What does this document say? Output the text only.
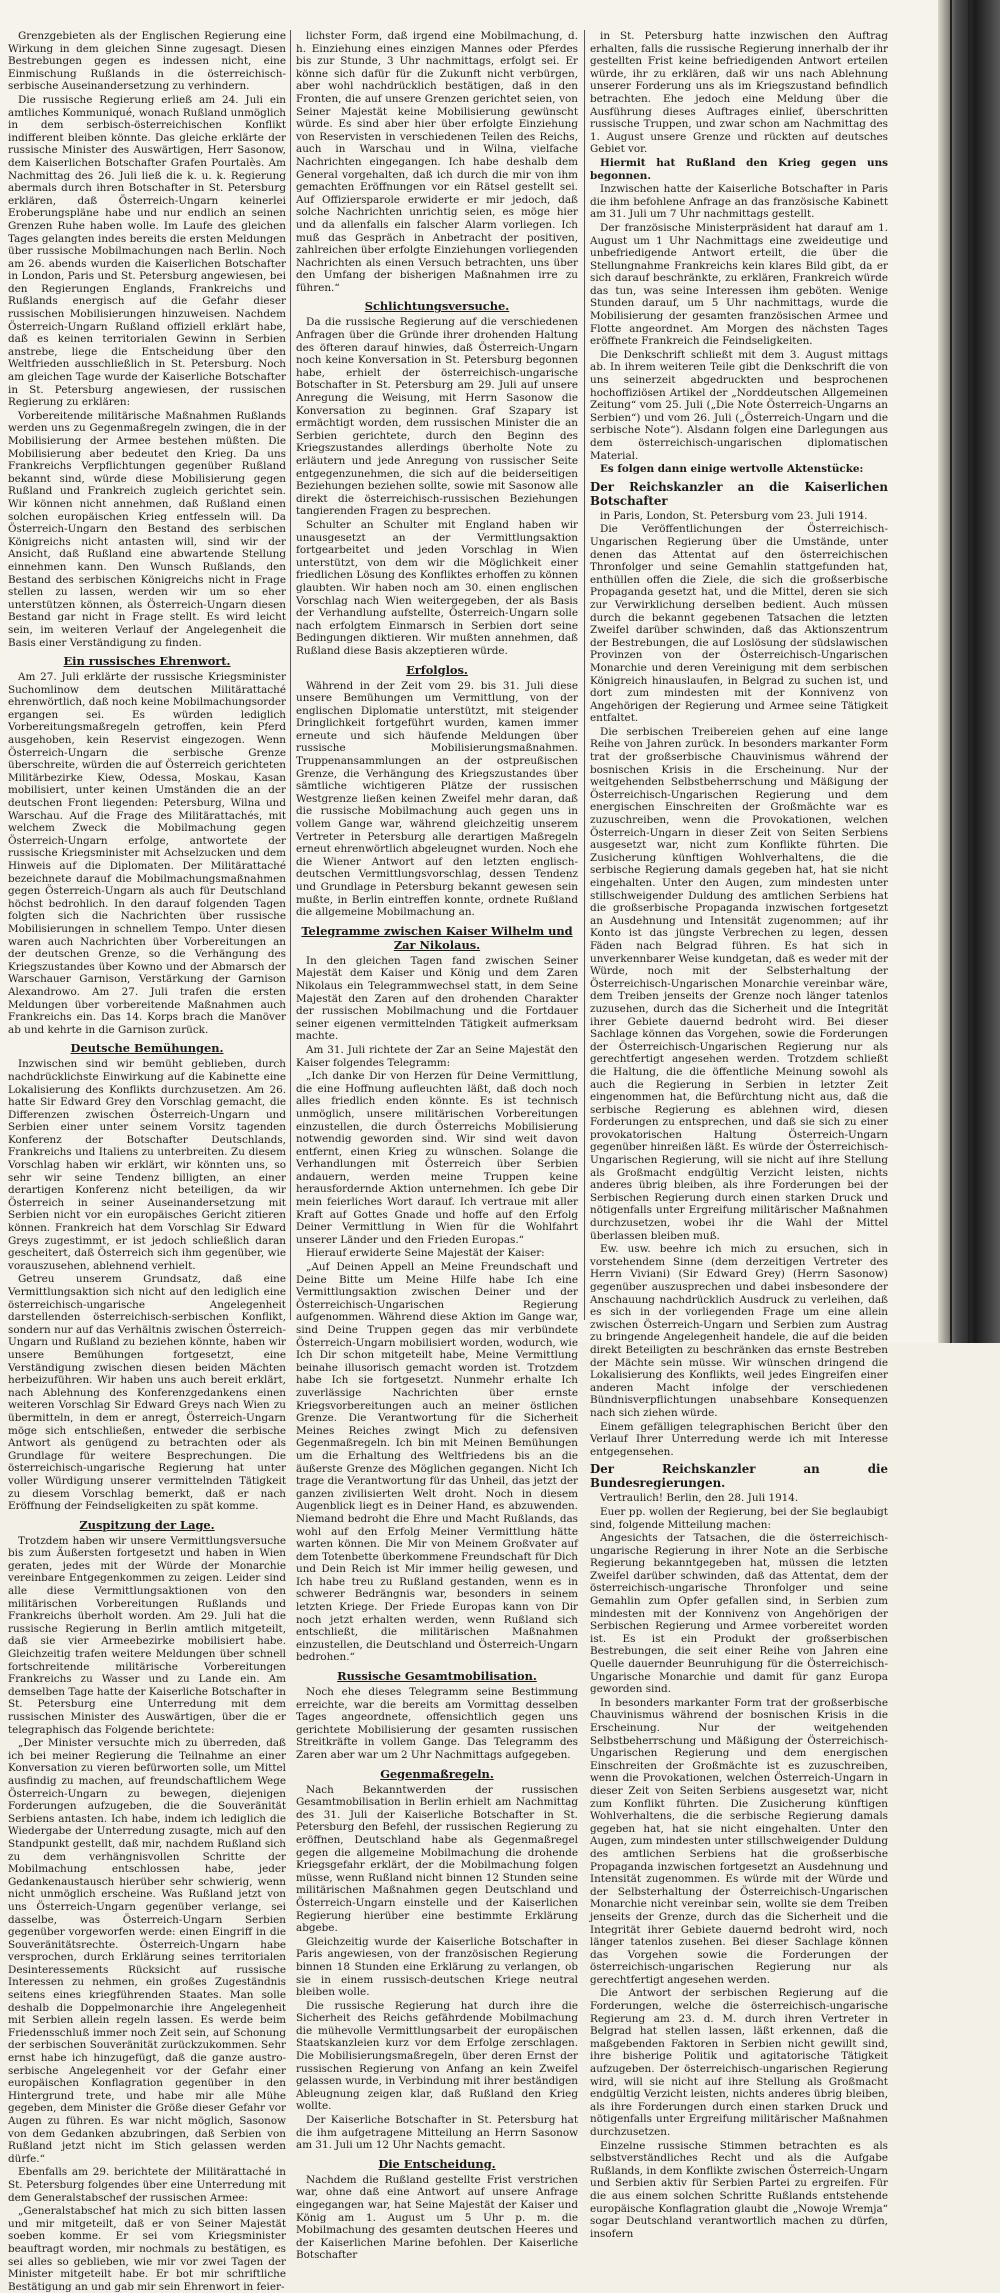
Grenzgebieten als der Englischen Regierung eine Wirkung in dem gleichen Sinne zugesagt. Diesen Bestrebungen gegen es indessen nicht, eine Einmischung Rußlands in die österreichisch-serbische Auseinandersetzung zu verhindern.

Die russische Regierung erließ am 24. Juli ein amtliches Kommuniqué, wonach Rußland unmöglich in dem serbisch-österreichischen Konflikt indifferent bleiben könnte. Das gleiche erklärte der russische Minister des Auswärtigen, Herr Sasonow, dem Kaiserlichen Botschafter Grafen Pourtalès. Am Nachmittag des 26. Juli ließ die k. u. k. Regierung abermals durch ihren Botschafter in St. Petersburg erklären, daß Österreich-Ungarn keinerlei Eroberungspläne habe und nur endlich an seinen Grenzen Ruhe haben wolle. Im Laufe des gleichen Tages gelangten indes bereits die ersten Meldungen über russische Mobilmachungen nach Berlin. Noch am 26. abends wurden die Kaiserlichen Botschafter in London, Paris und St. Petersburg angewiesen, bei den Regierungen Englands, Frankreichs und Rußlands energisch auf die Gefahr dieser russischen Mobilisierungen hinzuweisen. Nachdem Österreich-Ungarn Rußland offiziell erklärt habe, daß es keinen territorialen Gewinn in Serbien anstrebe, liege die Entscheidung über den Weltfrieden ausschließlich in St. Petersburg. Noch am gleichen Tage wurde der Kaiserliche Botschafter in St. Petersburg angewiesen, der russischen Regierung zu erklären:

Vorbereitende militärische Maßnahmen Rußlands werden uns zu Gegenmaßregeln zwingen, die in der Mobilisierung der Armee bestehen müßten. Die Mobilisierung aber bedeutet den Krieg. Da uns Frankreichs Verpflichtungen gegenüber Rußland bekannt sind, würde diese Mobilisierung gegen Rußland und Frankreich zugleich gerichtet sein. Wir können nicht annehmen, daß Rußland einen solchen europäischen Krieg entfesseln will. Da Österreich-Ungarn den Bestand des serbischen Königreichs nicht antasten will, sind wir der Ansicht, daß Rußland eine abwartende Stellung einnehmen kann. Den Wunsch Rußlands, den Bestand des serbischen Königreichs nicht in Frage stellen zu lassen, werden wir um so eher unterstützen können, als Österreich-Ungarn diesen Bestand gar nicht in Frage stellt. Es wird leicht sein, im weiteren Verlauf der Angelegenheit die Basis einer Verständigung zu finden.

Ein russisches Ehrenwort.

Am 27. Juli erklärte der russische Kriegsminister Suchomlinow dem deutschen Militärattaché ehrenwörtlich, daß noch keine Mobilmachungsorder ergangen sei. Es würden lediglich Vorbereitungsmaßregeln getroffen, kein Pferd ausgehoben, kein Reservist eingezogen. Wenn Österreich-Ungarn die serbische Grenze überschreite, würden die auf Österreich gerichteten Militärbezirke Kiew, Odessa, Moskau, Kasan mobilisiert, unter keinen Umständen die an der deutschen Front liegenden: Petersburg, Wilna und Warschau. Auf die Frage des Militärattachés, mit welchem Zweck die Mobilmachung gegen Österreich-Ungarn erfolge, antwortete der russische Kriegsminister mit Achselzucken und dem Hinweis auf die Diplomaten. Der Militärattaché bezeichnete darauf die Mobilmachungsmaßnahmen gegen Österreich-Ungarn als auch für Deutschland höchst bedrohlich. In den darauf folgenden Tagen folgten sich die Nachrichten über russische Mobilisierungen in schnellem Tempo. Unter diesen waren auch Nachrichten über Vorbereitungen an der deutschen Grenze, so die Verhängung des Kriegszustandes über Kowno und der Abmarsch der Warschauer Garnison, Verstärkung der Garnison Alexandrowo. Am 27. Juli trafen die ersten Meldungen über vorbereitende Maßnahmen auch Frankreichs ein. Das 14. Korps brach die Manöver ab und kehrte in die Garnison zurück.

Deutsche Bemühungen.

Inzwischen sind wir bemüht geblieben, durch nachdrücklichste Einwirkung auf die Kabinette eine Lokalisierung des Konflikts durchzusetzen. Am 26. hatte Sir Edward Grey den Vorschlag gemacht, die Differenzen zwischen Österreich-Ungarn und Serbien einer unter seinem Vorsitz tagenden Konferenz der Botschafter Deutschlands, Frankreichs und Italiens zu unterbreiten. Zu diesem Vorschlag haben wir erklärt, wir könnten uns, so sehr wir seine Tendenz billigten, an einer derartigen Konferenz nicht beteiligen, da wir Österreich in seiner Auseinandersetzung mit Serbien nicht vor ein europäisches Gericht zitieren können. Frankreich hat dem Vorschlag Sir Edward Greys zugestimmt, er ist jedoch schließlich daran gescheitert, daß Österreich sich ihm gegenüber, wie vorauszusehen, ablehnend verhielt.

Getreu unserem Grundsatz, daß eine Vermittlungsaktion sich nicht auf den lediglich eine österreichisch-ungarische Angelegenheit darstellenden österreichisch-serbischen Konflikt, sondern nur auf das Verhältnis zwischen Österreich-Ungarn und Rußland zu beziehen könnte, haben wir unsere Bemühungen fortgesetzt, eine Verständigung zwischen diesen beiden Mächten herbeizuführen. Wir haben uns auch bereit erklärt, nach Ablehnung des Konferenzgedankens einen weiteren Vorschlag Sir Edward Greys nach Wien zu übermitteln, in dem er anregt, Österreich-Ungarn möge sich entschließen, entweder die serbische Antwort als genügend zu betrachten oder als Grundlage für weitere Besprechungen. Die österreichisch-ungarische Regierung hat unter voller Würdigung unserer vermittelnden Tätigkeit zu diesem Vorschlag bemerkt, daß er nach Eröffnung der Feindseligkeiten zu spät komme.

Zuspitzung der Lage.

Trotzdem haben wir unsere Vermittlungsversuche bis zum Äußersten fortgesetzt und haben in Wien geraten, jedes mit der Würde der Monarchie vereinbare Entgegenkommen zu zeigen. Leider sind alle diese Vermittlungsaktionen von den militärischen Vorbereitungen Rußlands und Frankreichs überholt worden. Am 29. Juli hat die russische Regierung in Berlin amtlich mitgeteilt, daß sie vier Armeebezirke mobilisiert habe. Gleichzeitig trafen weitere Meldungen über schnell fortschreitende militärische Vorbereitungen Frankreichs zu Wasser und zu Lande ein. Am demselben Tage hatte der Kaiserliche Botschafter in St. Petersburg eine Unterredung mit dem russischen Minister des Auswärtigen, über die er telegraphisch das Folgende berichtete:

„Der Minister versuchte mich zu überreden, daß ich bei meiner Regierung die Teilnahme an einer Konversation zu vieren befürworten solle, um Mittel ausfindig zu machen, auf freundschaftlichem Wege Österreich-Ungarn zu bewegen, diejenigen Forderungen aufzugeben, die die Souveränität Serbiens antasten. Ich habe, indem ich lediglich die Wiedergabe der Unterredung zusagte, mich auf den Standpunkt gestellt, daß mir, nachdem Rußland sich zu dem verhängnisvollen Schritte der Mobilmachung entschlossen habe, jeder Gedankenaustausch hierüber sehr schwierig, wenn nicht unmöglich erscheine. Was Rußland jetzt von uns Österreich-Ungarn gegenüber verlange, sei dasselbe, was Österreich-Ungarn Serbien gegenüber vorgeworfen werde: einen Eingriff in die Souveränitätsrechte. Österreich-Ungarn habe versprochen, durch Erklärung seines territorialen Desinteressements Rücksicht auf russische Interessen zu nehmen, ein großes Zugeständnis seitens eines kriegführenden Staates. Man solle deshalb die Doppelmonarchie ihre Angelegenheit mit Serbien allein regeln lassen. Es werde beim Friedensschluß immer noch Zeit sein, auf Schonung der serbischen Souveränität zurückzukommen. Sehr ernst habe ich hinzugefügt, daß die ganze austro-serbische Angelegenheit vor der Gefahr einer europäischen Konflagration gegenüber in den Hintergrund trete, und habe mir alle Mühe gegeben, dem Minister die Größe dieser Gefahr vor Augen zu führen. Es war nicht möglich, Sasonow von dem Gedanken abzubringen, daß Serbien von Rußland jetzt nicht im Stich gelassen werden dürfe.“

Ebenfalls am 29. berichtete der Militärattaché in St. Petersburg folgendes über eine Unterredung mit dem Generalstabschef der russischen Armee:

„Generalstabschef hat mich zu sich bitten lassen und mir mitgeteilt, daß er von Seiner Majestät soeben komme. Er sei vom Kriegsminister beauftragt worden, mir nochmals zu bestätigen, es sei alles so geblieben, wie mir vor zwei Tagen der Minister mitgeteilt habe. Er bot mir schriftliche Bestätigung an und gab mir sein Ehrenwort in feier-

lichster Form, daß irgend eine Mobilmachung, d. h. Einziehung eines einzigen Mannes oder Pferdes bis zur Stunde, 3 Uhr nachmittags, erfolgt sei. Er könne sich dafür für die Zukunft nicht verbürgen, aber wohl nachdrücklich bestätigen, daß in den Fronten, die auf unsere Grenzen gerichtet seien, von Seiner Majestät keine Mobilisierung gewünscht würde. Es sind aber hier über erfolgte Einziehung von Reservisten in verschiedenen Teilen des Reichs, auch in Warschau und in Wilna, vielfache Nachrichten eingegangen. Ich habe deshalb dem General vorgehalten, daß ich durch die mir von ihm gemachten Eröffnungen vor ein Rätsel gestellt sei. Auf Offiziersparole erwiderte er mir jedoch, daß solche Nachrichten unrichtig seien, es möge hier und da allenfalls ein falscher Alarm vorliegen. Ich muß das Gespräch in Anbetracht der positiven, zahlreichen über erfolgte Einziehungen vorliegenden Nachrichten als einen Versuch betrachten, uns über den Umfang der bisherigen Maßnahmen irre zu führen.“

Schlichtungsversuche.

Da die russische Regierung auf die verschiedenen Anfragen über die Gründe ihrer drohenden Haltung des öfteren darauf hinwies, daß Österreich-Ungarn noch keine Konversation in St. Petersburg begonnen habe, erhielt der österreichisch-ungarische Botschafter in St. Petersburg am 29. Juli auf unsere Anregung die Weisung, mit Herrn Sasonow die Konversation zu beginnen. Graf Szapary ist ermächtigt worden, dem russischen Minister die an Serbien gerichtete, durch den Beginn des Kriegszustandes allerdings überholte Note zu erläutern und jede Anregung von russischer Seite entgegenzunehmen, die sich auf die beiderseitigen Beziehungen beziehen sollte, sowie mit Sasonow alle direkt die österreichisch-russischen Beziehungen tangierenden Fragen zu besprechen.

Schulter an Schulter mit England haben wir unausgesetzt an der Vermittlungsaktion fortgearbeitet und jeden Vorschlag in Wien unterstützt, von dem wir die Möglichkeit einer friedlichen Lösung des Konfliktes erhoffen zu können glaubten. Wir haben noch am 30. einen englischen Vorschlag nach Wien weitergegeben, der als Basis der Verhandlung aufstellte, Österreich-Ungarn solle nach erfolgtem Einmarsch in Serbien dort seine Bedingungen diktieren. Wir mußten annehmen, daß Rußland diese Basis akzeptieren würde.

Erfolglos.

Während in der Zeit vom 29. bis 31. Juli diese unsere Bemühungen um Vermittlung, von der englischen Diplomatie unterstützt, mit steigender Dringlichkeit fortgeführt wurden, kamen immer erneute und sich häufende Meldungen über russische Mobilisierungsmaßnahmen. Truppenansammlungen an der ostpreußischen Grenze, die Verhängung des Kriegszustandes über sämtliche wichtigeren Plätze der russischen Westgrenze ließen keinen Zweifel mehr daran, daß die russische Mobilmachung auch gegen uns in vollem Gange war, während gleichzeitig unserem Vertreter in Petersburg alle derartigen Maßregeln erneut ehrenwörtlich abgeleugnet wurden. Noch ehe die Wiener Antwort auf den letzten englisch-deutschen Vermittlungsvorschlag, dessen Tendenz und Grundlage in Petersburg bekannt gewesen sein mußte, in Berlin eintreffen konnte, ordnete Rußland die allgemeine Mobilmachung an.

Telegramme zwischen Kaiser Wilhelm und Zar Nikolaus.

In den gleichen Tagen fand zwischen Seiner Majestät dem Kaiser und König und dem Zaren Nikolaus ein Telegrammwechsel statt, in dem Seine Majestät den Zaren auf den drohenden Charakter der russischen Mobilmachung und die Fortdauer seiner eigenen vermittelnden Tätigkeit aufmerksam machte.

Am 31. Juli richtete der Zar an Seine Majestät den Kaiser folgendes Telegramm:

„Ich danke Dir von Herzen für Deine Vermittlung, die eine Hoffnung aufleuchten läßt, daß doch noch alles friedlich enden könnte. Es ist technisch unmöglich, unsere militärischen Vorbereitungen einzustellen, die durch Österreichs Mobilisierung notwendig geworden sind. Wir sind weit davon entfernt, einen Krieg zu wünschen. Solange die Verhandlungen mit Österreich über Serbien andauern, werden meine Truppen keine herausfordernde Aktion unternehmen. Ich gebe Dir mein feierliches Wort darauf. Ich vertraue mit aller Kraft auf Gottes Gnade und hoffe auf den Erfolg Deiner Vermittlung in Wien für die Wohlfahrt unserer Länder und den Frieden Europas.“

Hierauf erwiderte Seine Majestät der Kaiser:

„Auf Deinen Appell an Meine Freundschaft und Deine Bitte um Meine Hilfe habe Ich eine Vermittlungsaktion zwischen Deiner und der Österreichisch-Ungarischen Regierung aufgenommen. Während diese Aktion im Gange war, sind Deine Truppen gegen das mir verbündete Österreich-Ungarn mobilisiert worden, wodurch, wie Ich Dir schon mitgeteilt habe, Meine Vermittlung beinahe illusorisch gemacht worden ist. Trotzdem habe Ich sie fortgesetzt. Nunmehr erhalte Ich zuverlässige Nachrichten über ernste Kriegsvorbereitungen auch an meiner östlichen Grenze. Die Verantwortung für die Sicherheit Meines Reiches zwingt Mich zu defensiven Gegenmaßregeln. Ich bin mit Meinen Bemühungen um die Erhaltung des Weltfriedens bis an die äußerste Grenze des Möglichen gegangen. Nicht Ich trage die Verantwortung für das Unheil, das jetzt der ganzen zivilisierten Welt droht. Noch in diesem Augenblick liegt es in Deiner Hand, es abzuwenden. Niemand bedroht die Ehre und Macht Rußlands, das wohl auf den Erfolg Meiner Vermittlung hätte warten können. Die Mir von Meinem Großvater auf dem Totenbette überkommene Freundschaft für Dich und Dein Reich ist Mir immer heilig gewesen, und Ich habe treu zu Rußland gestanden, wenn es in schwerer Bedrängnis war, besonders in seinem letzten Kriege. Der Friede Europas kann von Dir noch jetzt erhalten werden, wenn Rußland sich entschließt, die militärischen Maßnahmen einzustellen, die Deutschland und Österreich-Ungarn bedrohen.“

Russische Gesamtmobilisation.

Noch ehe dieses Telegramm seine Bestimmung erreichte, war die bereits am Vormittag desselben Tages angeordnete, offensichtlich gegen uns gerichtete Mobilisierung der gesamten russischen Streitkräfte in vollem Gange. Das Telegramm des Zaren aber war um 2 Uhr Nachmittags aufgegeben.

Gegenmaßregeln.

Nach Bekanntwerden der russischen Gesamtmobilisation in Berlin erhielt am Nachmittag des 31. Juli der Kaiserliche Botschafter in St. Petersburg den Befehl, der russischen Regierung zu eröffnen, Deutschland habe als Gegenmaßregel gegen die allgemeine Mobilmachung die drohende Kriegsgefahr erklärt, der die Mobilmachung folgen müsse, wenn Rußland nicht binnen 12 Stunden seine militärischen Maßnahmen gegen Deutschland und Österreich-Ungarn einstelle und der Kaiserlichen Regierung hierüber eine bestimmte Erklärung abgebe.

Gleichzeitig wurde der Kaiserliche Botschafter in Paris angewiesen, von der französischen Regierung binnen 18 Stunden eine Erklärung zu verlangen, ob sie in einem russisch-deutschen Kriege neutral bleiben wolle.

Die russische Regierung hat durch ihre die Sicherheit des Reichs gefährdende Mobilmachung die mühevolle Vermittlungsarbeit der europäischen Staatskanzleien kurz vor dem Erfolge zerschlagen. Die Mobilisierungsmaßregeln, über deren Ernst der russischen Regierung von Anfang an kein Zweifel gelassen wurde, in Verbindung mit ihrer beständigen Ableugnung zeigen klar, daß Rußland den Krieg wollte.

Der Kaiserliche Botschafter in St. Petersburg hat die ihm aufgetragene Mitteilung an Herrn Sasonow am 31. Juli um 12 Uhr Nachts gemacht.

Die Entscheidung.

Nachdem die Rußland gestellte Frist verstrichen war, ohne daß eine Antwort auf unsere Anfrage eingegangen war, hat Seine Majestät der Kaiser und König am 1. August um 5 Uhr p. m. die Mobilmachung des gesamten deutschen Heeres und der Kaiserlichen Marine befohlen. Der Kaiserliche Botschafter

in St. Petersburg hatte inzwischen den Auftrag erhalten, falls die russische Regierung innerhalb der ihr gestellten Frist keine befriedigenden Antwort erteilen würde, ihr zu erklären, daß wir uns nach Ablehnung unserer Forderung uns als im Kriegszustand befindlich betrachten. Ehe jedoch eine Meldung über die Ausführung dieses Auftrages einlief, überschritten russische Truppen, und zwar schon am Nachmittag des 1. August unsere Grenze und rückten auf deutsches Gebiet vor.

Hiermit hat Rußland den Krieg gegen uns begonnen.

Inzwischen hatte der Kaiserliche Botschafter in Paris die ihm befohlene Anfrage an das französische Kabinett am 31. Juli um 7 Uhr nachmittags gestellt.

Der französische Ministerpräsident hat darauf am 1. August um 1 Uhr Nachmittags eine zweideutige und unbefriedigende Antwort erteilt, die über die Stellungnahme Frankreichs kein klares Bild gibt, da er sich darauf beschränkte, zu erklären, Frankreich würde das tun, was seine Interessen ihm geböten. Wenige Stunden darauf, um 5 Uhr nachmittags, wurde die Mobilisierung der gesamten französischen Armee und Flotte angeordnet. Am Morgen des nächsten Tages eröffnete Frankreich die Feindseligkeiten.

Die Denkschrift schließt mit dem 3. August mittags ab. In ihrem weiteren Teile gibt die Denkschrift die von uns seinerzeit abgedruckten und besprochenen hochoffiziösen Artikel der „Norddeutschen Allgemeinen Zeitung“ vom 25. Juli („Die Note Österreich-Ungarns an Serbien“) und vom 26. Juli („Österreich-Ungarn und die serbische Note“). Alsdann folgen eine Darlegungen aus dem österreichisch-ungarischen diplomatischen Material.

Es folgen dann einige wertvolle Aktenstücke:

Der Reichskanzler an die Kaiserlichen Botschafter

in Paris, London, St. Petersburg vom 23. Juli 1914.

Die Veröffentlichungen der Österreichisch-Ungarischen Regierung über die Umstände, unter denen das Attentat auf den österreichischen Thronfolger und seine Gemahlin stattgefunden hat, enthüllen offen die Ziele, die sich die großserbische Propaganda gesetzt hat, und die Mittel, deren sie sich zur Verwirklichung derselben bedient. Auch müssen durch die bekannt gegebenen Tatsachen die letzten Zweifel darüber schwinden, daß das Aktionszentrum der Bestrebungen, die auf Loslösung der südslawischen Provinzen von der Österreichisch-Ungarischen Monarchie und deren Vereinigung mit dem serbischen Königreich hinauslaufen, in Belgrad zu suchen ist, und dort zum mindesten mit der Konnivenz von Angehörigen der Regierung und Armee seine Tätigkeit entfaltet.

Die serbischen Treibereien gehen auf eine lange Reihe von Jahren zurück. In besonders markanter Form trat der großserbische Chauvinismus während der bosnischen Krisis in die Erscheinung. Nur der weitgehenden Selbstbeherrschung und Mäßigung der Österreichisch-Ungarischen Regierung und dem energischen Einschreiten der Großmächte war es zuzuschreiben, wenn die Provokationen, welchen Österreich-Ungarn in dieser Zeit von Seiten Serbiens ausgesetzt war, nicht zum Konflikte führten. Die Zusicherung künftigen Wohlverhaltens, die die serbische Regierung damals gegeben hat, hat sie nicht eingehalten. Unter den Augen, zum mindesten unter stillschweigender Duldung des amtlichen Serbiens hat die großserbische Propaganda inzwischen fortgesetzt an Ausdehnung und Intensität zugenommen; auf ihr Konto ist das jüngste Verbrechen zu legen, dessen Fäden nach Belgrad führen. Es hat sich in unverkennbarer Weise kundgetan, daß es weder mit der Würde, noch mit der Selbsterhaltung der Österreichisch-Ungarischen Monarchie vereinbar wäre, dem Treiben jenseits der Grenze noch länger tatenlos zuzusehen, durch das die Sicherheit und die Integrität ihrer Gebiete dauernd bedroht wird. Bei dieser Sachlage können das Vorgehen, sowie die Forderungen der Österreichisch-Ungarischen Regierung nur als gerechtfertigt angesehen werden. Trotzdem schließt die Haltung, die die öffentliche Meinung sowohl als auch die Regierung in Serbien in letzter Zeit eingenommen hat, die Befürchtung nicht aus, daß die serbische Regierung es ablehnen wird, diesen Forderungen zu entsprechen, und daß sie sich zu einer provokatorischen Haltung Österreich-Ungarn gegenüber hinreißen läßt. Es würde der Österreichisch-Ungarischen Regierung, will sie nicht auf ihre Stellung als Großmacht endgültig Verzicht leisten, nichts anderes übrig bleiben, als ihre Forderungen bei der Serbischen Regierung durch einen starken Druck und nötigenfalls unter Ergreifung militärischer Maßnahmen durchzusetzen, wobei ihr die Wahl der Mittel überlassen bleiben muß.

Ew. usw. beehre ich mich zu ersuchen, sich in vorstehendem Sinne (dem derzeitigen Vertreter des Herrn Viviani) (Sir Edward Grey) (Herrn Sasonow) gegenüber auszusprechen und dabei insbesondere der Anschauung nachdrücklich Ausdruck zu verleihen, daß es sich in der vorliegenden Frage um eine allein zwischen Österreich-Ungarn und Serbien zum Austrag zu bringende Angelegenheit handele, die auf die beiden direkt Beteiligten zu beschränken das ernste Bestreben der Mächte sein müsse. Wir wünschen dringend die Lokalisierung des Konflikts, weil jedes Eingreifen einer anderen Macht infolge der verschiedenen Bündnisverpflichtungen unabsehbare Konsequenzen nach sich ziehen würde.

Einem gefälligen telegraphischen Bericht über den Verlauf Ihrer Unterredung werde ich mit Interesse entgegensehen.

Der Reichskanzler an die Bundesregierungen.

Vertraulich! Berlin, den 28. Juli 1914.

Euer pp. wollen der Regierung, bei der Sie beglaubigt sind, folgende Mitteilung machen:

Angesichts der Tatsachen, die die österreichisch-ungarische Regierung in ihrer Note an die Serbische Regierung bekanntgegeben hat, müssen die letzten Zweifel darüber schwinden, daß das Attentat, dem der österreichisch-ungarische Thronfolger und seine Gemahlin zum Opfer gefallen sind, in Serbien zum mindesten mit der Konnivenz von Angehörigen der Serbischen Regierung und Armee vorbereitet worden ist. Es ist ein Produkt der großserbischen Bestrebungen, die seit einer Reihe von Jahren eine Quelle dauernder Beunruhigung für die Österreichisch-Ungarische Monarchie und damit für ganz Europa geworden sind.

In besonders markanter Form trat der großserbische Chauvinismus während der bosnischen Krisis in die Erscheinung. Nur der weitgehenden Selbstbeherrschung und Mäßigung der Österreichisch-Ungarischen Regierung und dem energischen Einschreiten der Großmächte ist es zuzuschreiben, wenn die Provokationen, welchen Österreich-Ungarn in dieser Zeit von Seiten Serbiens ausgesetzt war, nicht zum Konflikt führten. Die Zusicherung künftigen Wohlverhaltens, die die serbische Regierung damals gegeben hat, hat sie nicht eingehalten. Unter den Augen, zum mindesten unter stillschweigender Duldung des amtlichen Serbiens hat die großserbische Propaganda inzwischen fortgesetzt an Ausdehnung und Intensität zugenommen. Es würde mit der Würde und der Selbsterhaltung der Österreichisch-Ungarischen Monarchie nicht vereinbar sein, wollte sie dem Treiben jenseits der Grenze, durch das die Sicherheit und die Integrität ihrer Gebiete dauernd bedroht wird, noch länger tatenlos zusehen. Bei dieser Sachlage können das Vorgehen sowie die Forderungen der österreichisch-ungarischen Regierung nur als gerechtfertigt angesehen werden.

Die Antwort der serbischen Regierung auf die Forderungen, welche die österreichisch-ungarische Regierung am 23. d. M. durch ihren Vertreter in Belgrad hat stellen lassen, läßt erkennen, daß die maßgebenden Faktoren in Serbien nicht gewillt sind, ihre bisherige Politik und agitatorische Tätigkeit aufzugeben. Der österreichisch-ungarischen Regierung wird, will sie nicht auf ihre Stellung als Großmacht endgültig Verzicht leisten, nichts anderes übrig bleiben, als ihre Forderungen durch einen starken Druck und nötigenfalls unter Ergreifung militärischer Maßnahmen durchzusetzen.

Einzelne russische Stimmen betrachten es als selbstverständliches Recht und als die Aufgabe Rußlands, in dem Konflikte zwischen Österreich-Ungarn und Serbien aktiv für Serbien Partei zu ergreifen. Für die aus einem solchen Schritte Rußlands entstehende europäische Konflagration glaubt die „Nowoje Wremja“ sogar Deutschland verantwortlich machen zu dürfen, insofern
